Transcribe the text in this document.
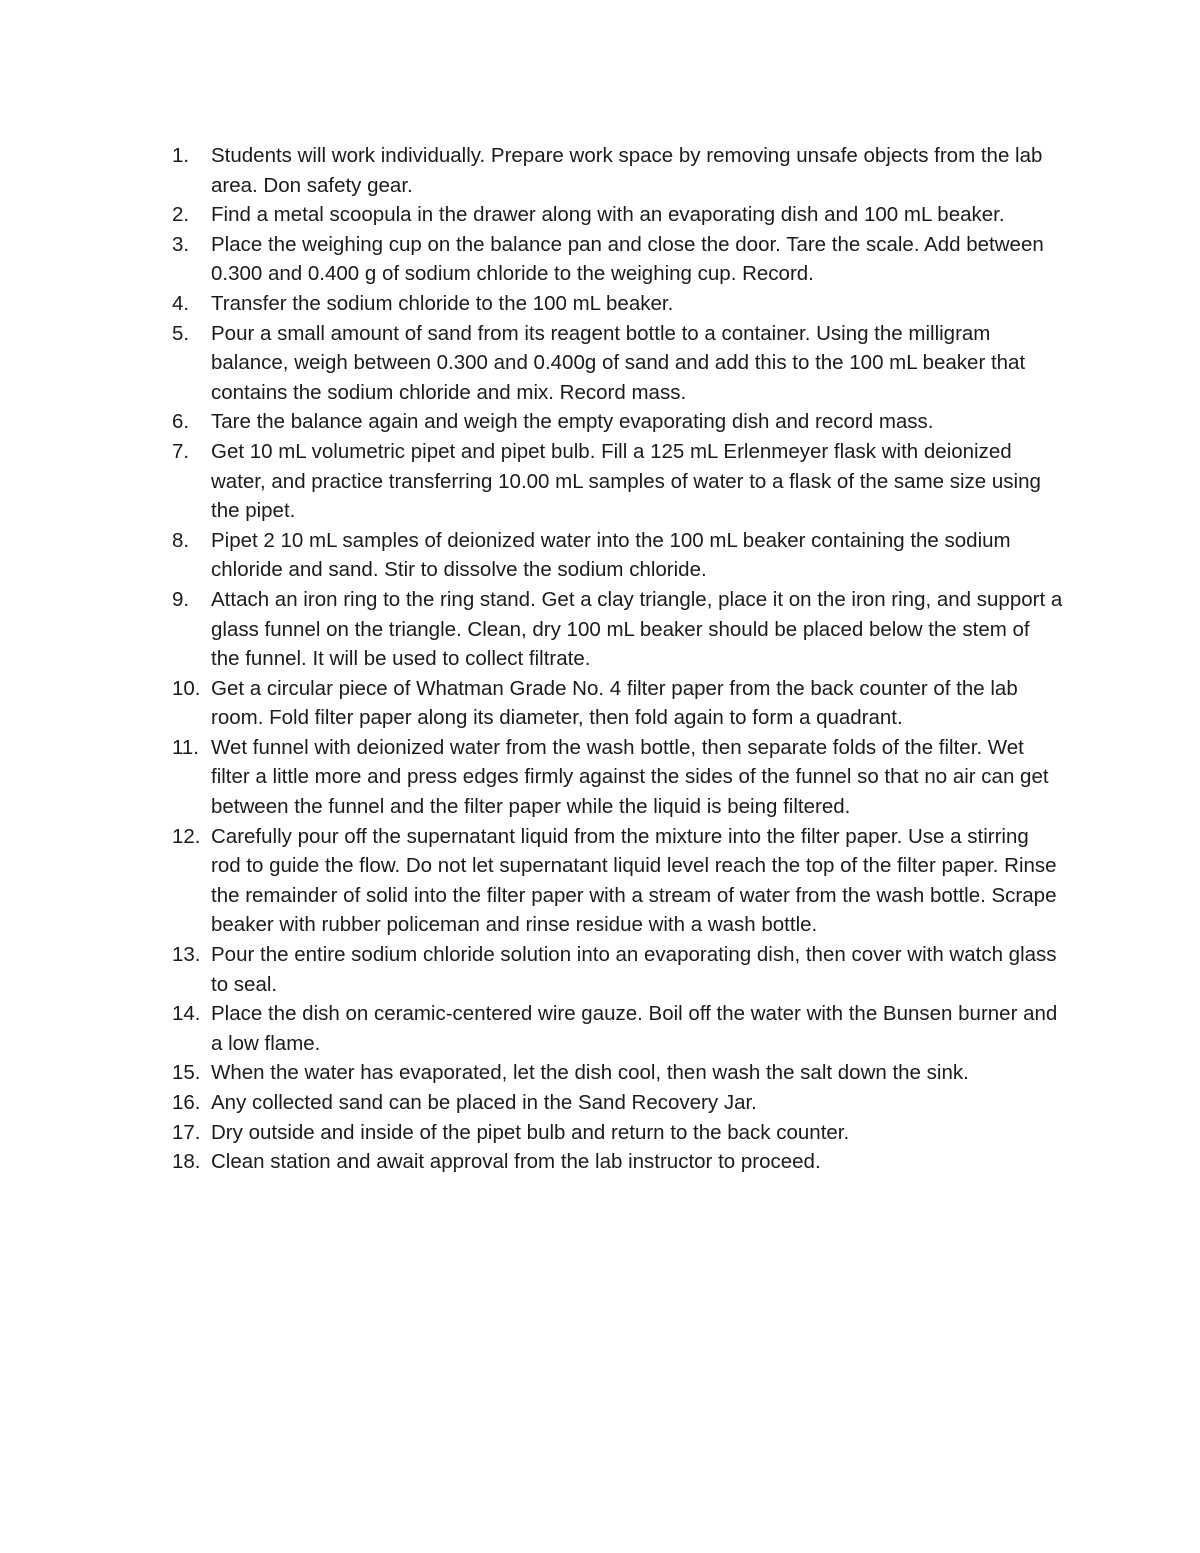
1.	Students will work individually. Prepare work space by removing unsafe objects from the lab area. Don safety gear.
2.	Find a metal scoopula in the drawer along with an evaporating dish and 100 mL beaker.
3.	Place the weighing cup on the balance pan and close the door. Tare the scale. Add between 0.300 and 0.400 g of sodium chloride to the weighing cup. Record.
4.	Transfer the sodium chloride to the 100 mL beaker.
5.	Pour a small amount of sand from its reagent bottle to a container. Using the milligram balance, weigh between 0.300 and 0.400g of sand and add this to the 100 mL beaker that contains the sodium chloride and mix. Record mass.
6.	Tare the balance again and weigh the empty evaporating dish and record mass.
7.	Get 10 mL volumetric pipet and pipet bulb. Fill a 125 mL Erlenmeyer flask with deionized water, and practice transferring 10.00 mL samples of water to a flask of the same size using the pipet.
8.	Pipet 2 10 mL samples of deionized water into the 100 mL beaker containing the sodium chloride and sand. Stir to dissolve the sodium chloride.
9.	Attach an iron ring to the ring stand. Get a clay triangle, place it on the iron ring, and support a glass funnel on the triangle. Clean, dry 100 mL beaker should be placed below the stem of the funnel. It will be used to collect filtrate.
10. Get a circular piece of Whatman Grade No. 4 filter paper from the back counter of the lab room. Fold filter paper along its diameter, then fold again to form a quadrant.
11. Wet funnel with deionized water from the wash bottle, then separate folds of the filter. Wet filter a little more and press edges firmly against the sides of the funnel so that no air can get between the funnel and the filter paper while the liquid is being filtered.
12. Carefully pour off the supernatant liquid from the mixture into the filter paper. Use a stirring rod to guide the flow. Do not let supernatant liquid level reach the top of the filter paper. Rinse the remainder of solid into the filter paper with a stream of water from the wash bottle. Scrape beaker with rubber policeman and rinse residue with a wash bottle.
13. Pour the entire sodium chloride solution into an evaporating dish, then cover with watch glass to seal.
14. Place the dish on ceramic-centered wire gauze. Boil off the water with the Bunsen burner and a low flame.
15. When the water has evaporated, let the dish cool, then wash the salt down the sink.
16. Any collected sand can be placed in the Sand Recovery Jar.
17. Dry outside and inside of the pipet bulb and return to the back counter.
18. Clean station and await approval from the lab instructor to proceed.
